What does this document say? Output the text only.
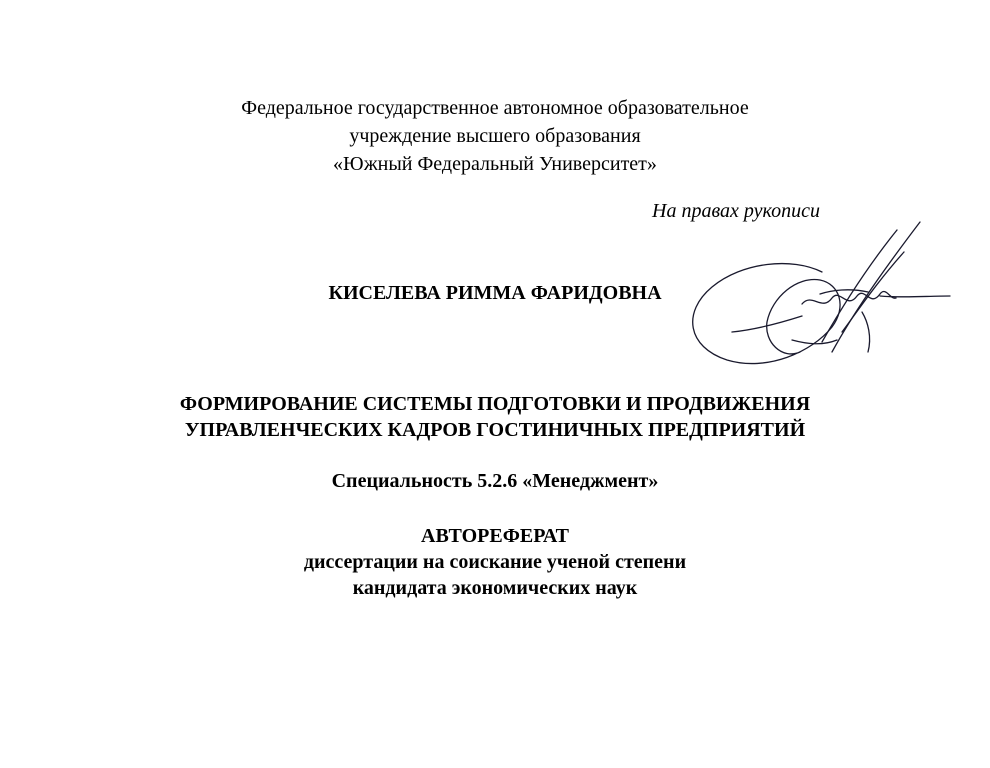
Федеральное государственное автономное образовательное
учреждение высшего образования
«Южный Федеральный Университет»
На правах рукописи
КИСЕЛЕВА РИММА ФАРИДОВНА
ФОРМИРОВАНИЕ СИСТЕМЫ ПОДГОТОВКИ И ПРОДВИЖЕНИЯ
УПРАВЛЕНЧЕСКИХ КАДРОВ ГОСТИНИЧНЫХ ПРЕДПРИЯТИЙ
Специальность 5.2.6 «Менеджмент»
АВТОРЕФЕРАТ
диссертации на соискание ученой степени
кандидата экономических наук
